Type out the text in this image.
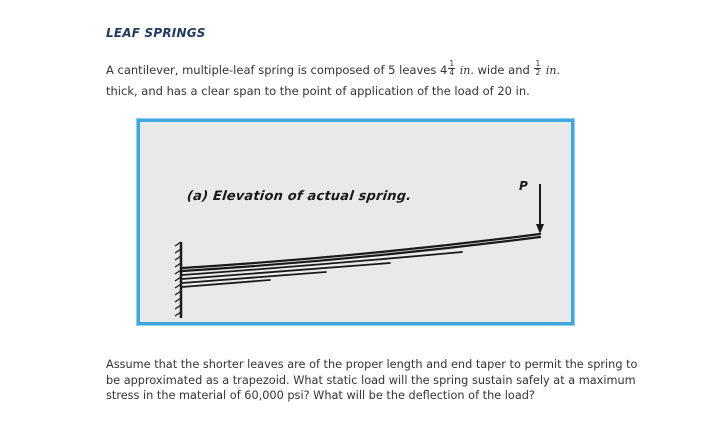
LEAF SPRINGS
A cantilever, multiple-leaf spring is composed of 5 leaves $4 \frac{1}{4}$ in. wide and $\frac{1}{2}$ in.
thick, and has a clear span to the point of application of the load of 20 in.
(a) Elevation of actual spring.
P
Assume that the shorter leaves are of the proper length and end taper to permit the spring to be approximated as a trapezoid. What static load will the spring sustain safely at a maximum stress in the material of 60,000 psi? What will be the deflection of the load?
